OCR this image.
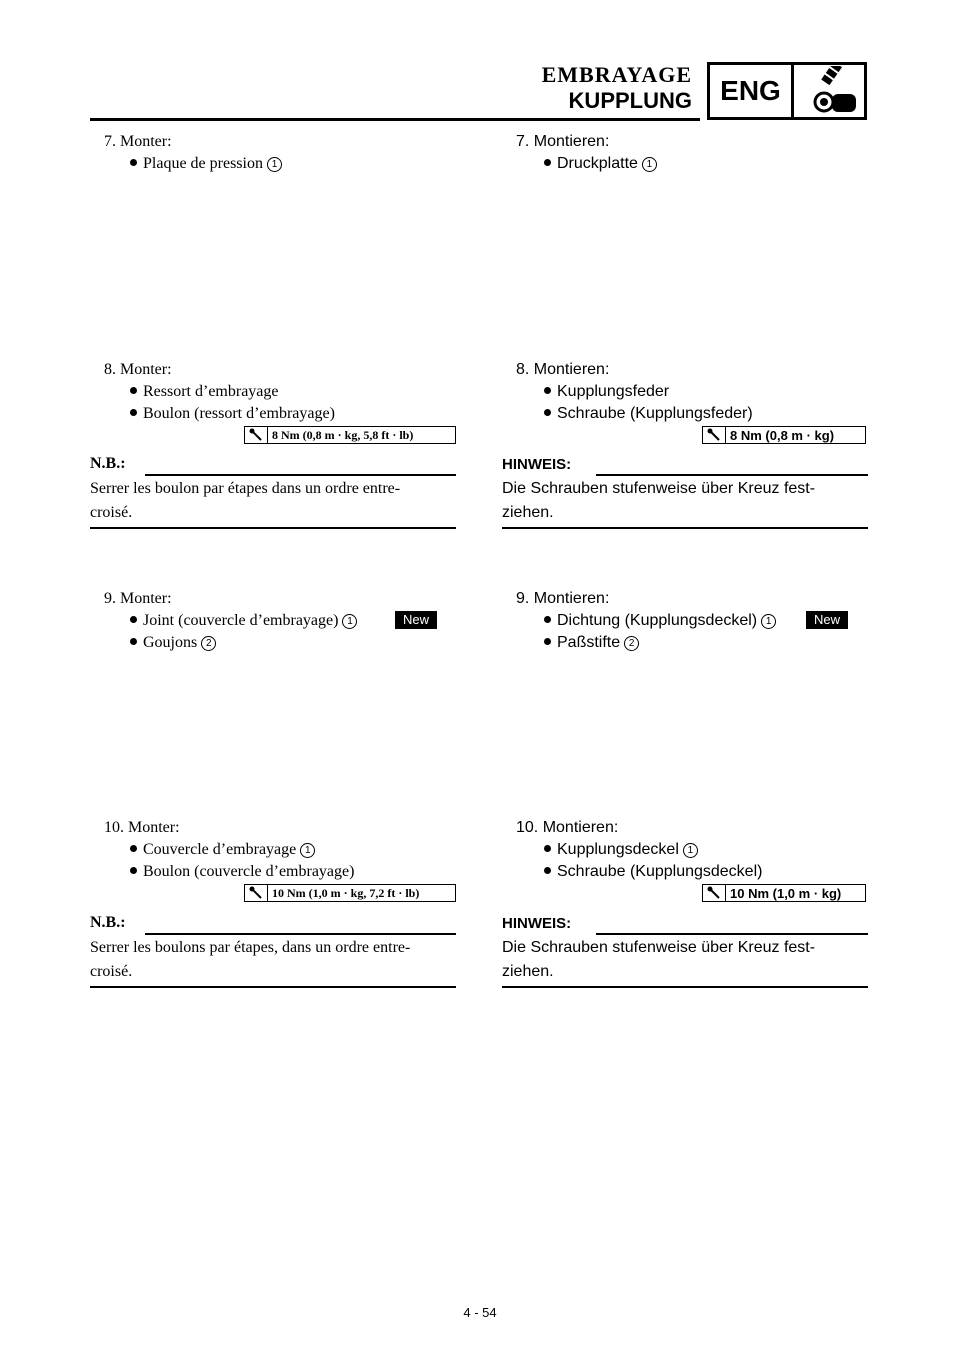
EMBRAYAGE
KUPPLUNG ENG
7. Monter:
Plaque de pression 1
8. Monter:
Ressort d’embrayage
Boulon (ressort d’embrayage)
8 Nm (0,8 m · kg, 5,8 ft · lb)
N.B.:
Serrer les boulon par étapes dans un ordre entre-
croisé.
9. Monter:
Joint (couvercle d’embrayage) 1	New
Goujons 2
10. Monter:
Couvercle d’embrayage 1
Boulon (couvercle d’embrayage)
10 Nm (1,0 m · kg, 7,2 ft · lb)
N.B.:
Serrer les boulons par étapes, dans un ordre entre-
croisé.
7. Montieren:
Druckplatte 1
8. Montieren:
Kupplungsfeder
Schraube (Kupplungsfeder)
8 Nm (0,8 m · kg)
HINWEIS:
Die Schrauben stufenweise über Kreuz fest-
ziehen.
9. Montieren:
Dichtung (Kupplungsdeckel) 1	New
Paßstifte 2
10. Montieren:
Kupplungsdeckel 1
Schraube (Kupplungsdeckel)
10 Nm (1,0 m · kg)
HINWEIS:
Die Schrauben stufenweise über Kreuz fest-
ziehen.
4 - 54
